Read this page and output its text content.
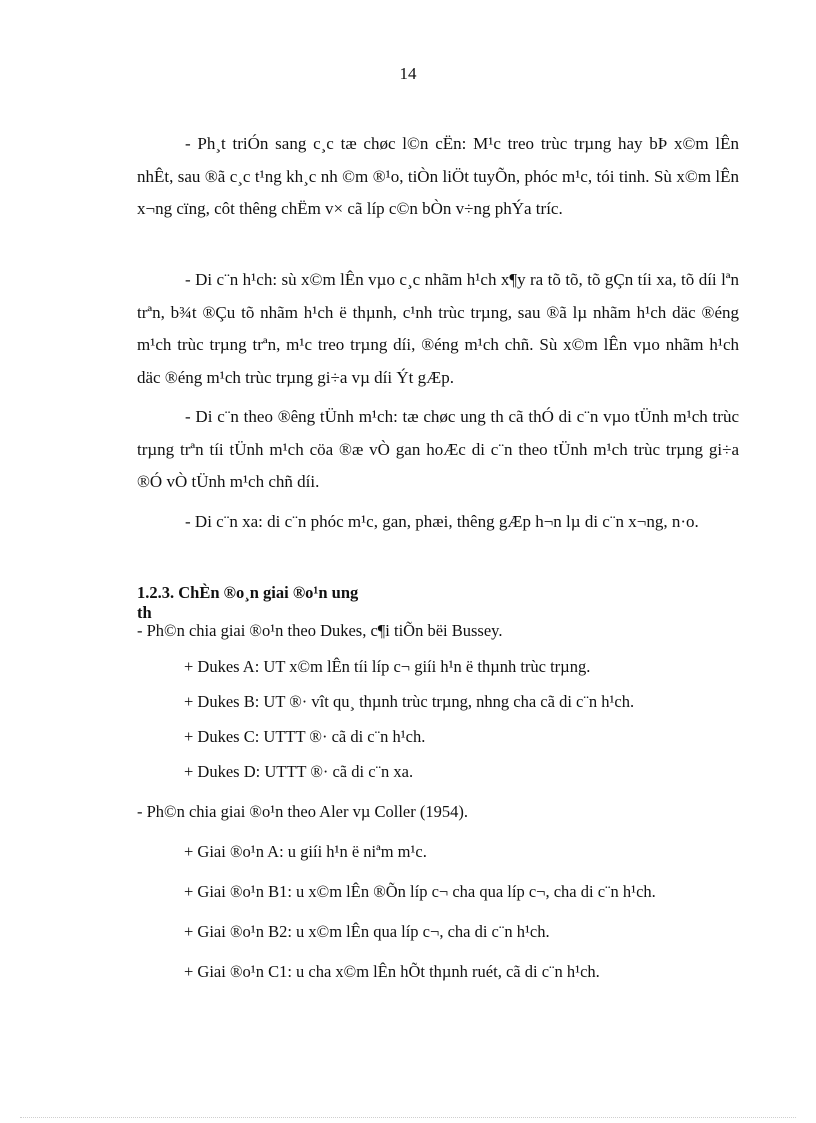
14

- Ph¸t triÓn sang c¸c tæ chøc l©n cËn: M¹c treo trùc trµng hay bÞ x©m lÊn nhÊt, sau ®ã c¸c t¹ng kh¸c nh ©m ®¹o, tiÒn liÖt tuyÕn, phóc m¹c, tói tinh. Sù x©m lÊn x¬ng cïng, côt thêng chËm v× cã líp c©n bÒn v÷ng phÝa tríc.

- Di c¨n h¹ch: sù x©m lÊn vµo c¸c nhãm h¹ch x¶y ra tõ tõ, tõ gÇn tíi xa, tõ díi lªn trªn, b¾t ®Çu tõ nhãm h¹ch ë thµnh, c¹nh trùc trµng, sau ®ã lµ nhãm h¹ch däc ®éng m¹ch trùc trµng trªn, m¹c treo trµng díi, ®éng m¹ch chñ. Sù x©m lÊn vµo nhãm h¹ch däc ®éng m¹ch trùc trµng gi÷a vµ díi Ýt gÆp.

- Di c¨n theo ®êng tÜnh m¹ch: tæ chøc ung th cã thÓ di c¨n vµo tÜnh m¹ch trùc trµng trªn tíi tÜnh m¹ch cöa ®æ vÒ gan hoÆc di c¨n theo tÜnh m¹ch trùc trµng gi÷a ®Ó vÒ tÜnh m¹ch chñ díi.

- Di c¨n xa: di c¨n phóc m¹c, gan, phæi, thêng gÆp h¬n lµ di c¨n x¬ng, n·o.

1.2.3. ChÈn ®o¸n giai ®o¹n ung th

- Ph©n chia giai ®o¹n theo Dukes, c¶i tiÕn bëi Bussey.

+ Dukes A: UT x©m lÊn tíi líp c¬ giíi h¹n ë thµnh trùc trµng.

+ Dukes B: UT ®· vît qu¸ thµnh trùc trµng, nhng cha cã di c¨n h¹ch.

+ Dukes C: UTTT ®· cã di c¨n h¹ch.

+ Dukes D: UTTT ®· cã di c¨n xa.

- Ph©n chia giai ®o¹n theo Aler vµ Coller (1954).

+ Giai ®o¹n A: u giíi h¹n ë niªm m¹c.

+ Giai ®o¹n B1: u x©m lÊn ®Õn líp c¬ cha qua líp c¬, cha di c¨n h¹ch.

+ Giai ®o¹n B2: u x©m lÊn qua líp c¬, cha di c¨n h¹ch.

+ Giai ®o¹n C1: u cha x©m lÊn hÕt thµnh ruét, cã di c¨n h¹ch.
